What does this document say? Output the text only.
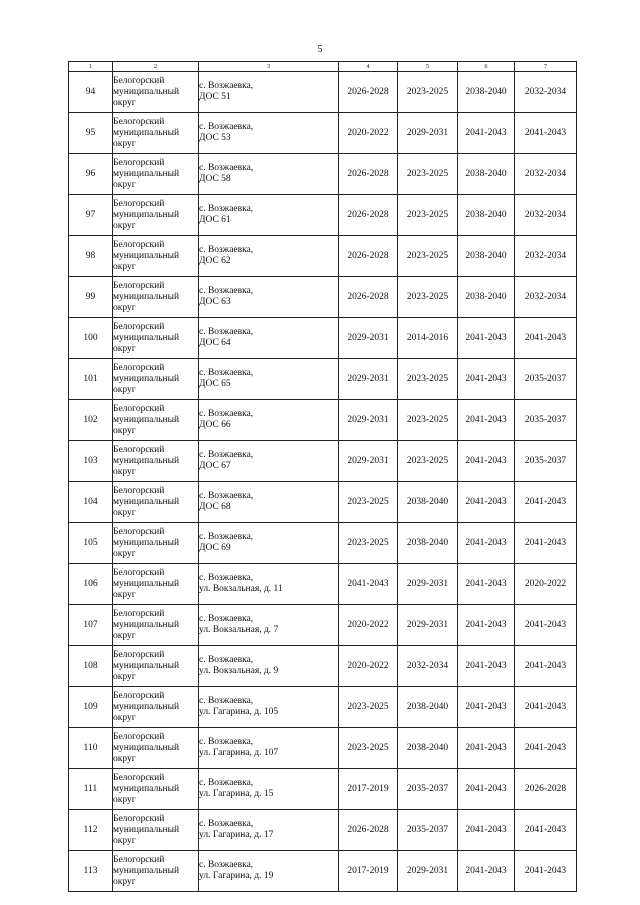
5
1	2	3	4	5	6	7
94	Белогорский
муниципальный
округ	с. Возжаевка,
ДОС 51	2026-2028	2023-2025	2038-2040	2032-2034
95	Белогорский
муниципальный
округ	с. Возжаевка,
ДОС 53	2020-2022	2029-2031	2041-2043	2041-2043
96	Белогорский
муниципальный
округ	с. Возжаевка,
ДОС 58	2026-2028	2023-2025	2038-2040	2032-2034
97	Белогорский
муниципальный
округ	с. Возжаевка,
ДОС 61	2026-2028	2023-2025	2038-2040	2032-2034
98	Белогорский
муниципальный
округ	с. Возжаевка,
ДОС 62	2026-2028	2023-2025	2038-2040	2032-2034
99	Белогорский
муниципальный
округ	с. Возжаевка,
ДОС 63	2026-2028	2023-2025	2038-2040	2032-2034
100	Белогорский
муниципальный
округ	с. Возжаевка,
ДОС 64	2029-2031	2014-2016	2041-2043	2041-2043
101	Белогорский
муниципальный
округ	с. Возжаевка,
ДОС 65	2029-2031	2023-2025	2041-2043	2035-2037
102	Белогорский
муниципальный
округ	с. Возжаевка,
ДОС 66	2029-2031	2023-2025	2041-2043	2035-2037
103	Белогорский
муниципальный
округ	с. Возжаевка,
ДОС 67	2029-2031	2023-2025	2041-2043	2035-2037
104	Белогорский
муниципальный
округ	с. Возжаевка,
ДОС 68	2023-2025	2038-2040	2041-2043	2041-2043
105	Белогорский
муниципальный
округ	с. Возжаевка,
ДОС 69	2023-2025	2038-2040	2041-2043	2041-2043
106	Белогорский
муниципальный
округ	с. Возжаевка,
ул. Вокзальная, д. 11	2041-2043	2029-2031	2041-2043	2020-2022
107	Белогорский
муниципальный
округ	с. Возжаевка,
ул. Вокзальная, д. 7	2020-2022	2029-2031	2041-2043	2041-2043
108	Белогорский
муниципальный
округ	с. Возжаевка,
ул. Вокзальная, д. 9	2020-2022	2032-2034	2041-2043	2041-2043
109	Белогорский
муниципальный
округ	с. Возжаевка,
ул. Гагарина, д. 105	2023-2025	2038-2040	2041-2043	2041-2043
110	Белогорский
муниципальный
округ	с. Возжаевка,
ул. Гагарина, д. 107	2023-2025	2038-2040	2041-2043	2041-2043
111	Белогорский
муниципальный
округ	с. Возжаевка,
ул. Гагарина, д. 15	2017-2019	2035-2037	2041-2043	2026-2028
112	Белогорский
муниципальный
округ	с. Возжаевка,
ул. Гагарина, д. 17	2026-2028	2035-2037	2041-2043	2041-2043
113	Белогорский
муниципальный
округ	с. Возжаевка,
ул. Гагарина, д. 19	2017-2019	2029-2031	2041-2043	2041-2043
